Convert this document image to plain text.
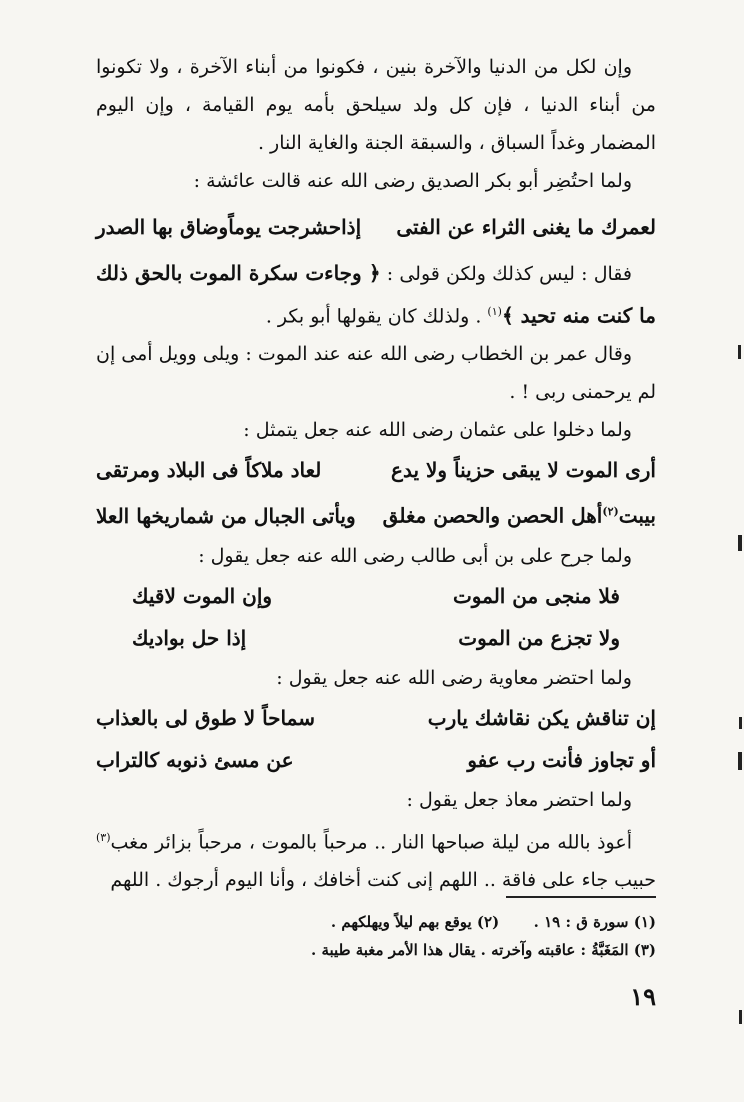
وإن لكل من الدنيا والآخرة بنين ، فكونوا من أبناء الآخرة ، ولا تكونوا من أبناء الدنيا ، فإن كل ولد سيلحق بأمه يوم القيامة ، وإن اليوم المضمار وغداً السباق ، والسبقة الجنة والغاية النار .

ولما احتُضِر أبو بكر الصديق رضى الله عنه قالت عائشة :

لعمرك ما يغنى الثراء عن الفتى
إذاحشرجت يوماًوضاق بها الصدر

فقال : ليس كذلك ولكن قولى : ﴿ وجاءت سكرة الموت بالحق ذلك ما كنت منه تحيد ﴾$^{(١)}$ . ولذلك كان يقولها أبو بكر .

وقال عمر بن الخطاب رضى الله عنه عند الموت : ويلى وويل أمى إن لم يرحمنى ربى ! .

ولما دخلوا على عثمان رضى الله عنه جعل يتمثل :

أرى الموت لا يبقى حزيناً ولا يدع
لعاد ملاكاً فى البلاد ومرتقى
بيبت$^{(٢)}$أهل الحصن والحصن مغلق
ويأتى الجبال من شماريخها العلا

ولما جرح على بن أبى طالب رضى الله عنه جعل يقول :

فلا منجى من الموت
وإن الموت لاقيك
ولا تجزع من الموت
إذا حل بواديك

ولما احتضر معاوية رضى الله عنه جعل يقول :

إن تناقش يكن نقاشك يارب
سماحاً لا طوق لى بالعذاب
أو تجاوز فأنت رب عفو
عن مسئ ذنوبه كالتراب

ولما احتضر معاذ جعل يقول :

أعوذ بالله من ليلة صباحها النار .. مرحباً بالموت ، مرحباً بزائر مغب$^{(٣)}$ حبيب جاء على فاقة .. اللهم إنى كنت أخافك ، وأنا اليوم أرجوك . اللهم

(١) سورة ق : ١٩ .  (٢) يوقع بهم ليلاً ويهلكهم .
(٣) المَغَبَّةُ : عاقبته وآخرته . يقال هذا الأمر مغبة طيبة .
١٩
